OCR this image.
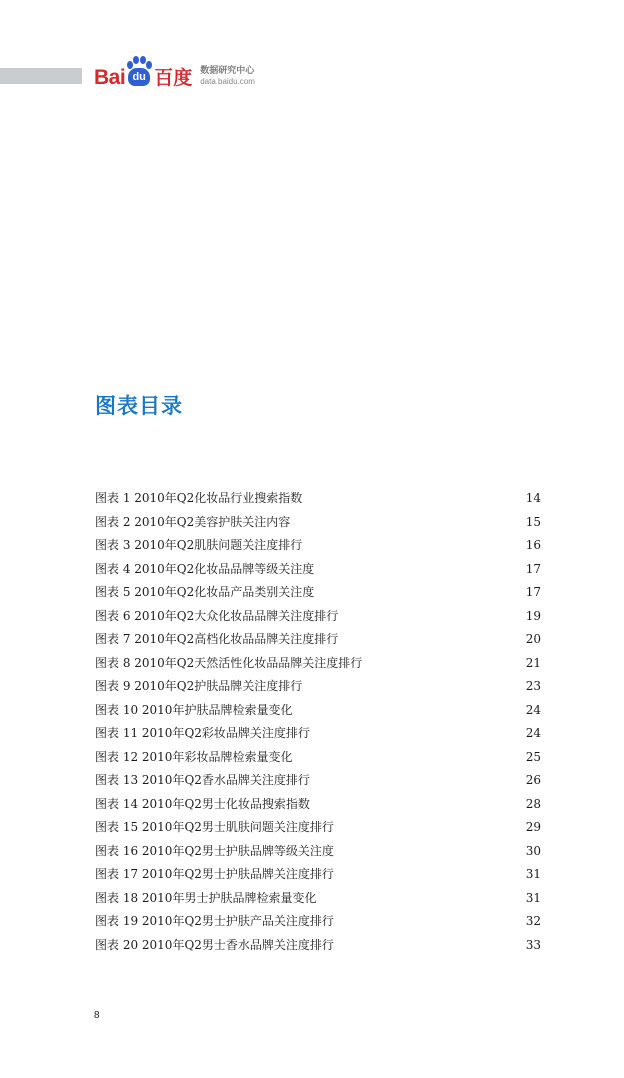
Bai du 百度 数据研究中心
data.baidu.com
图表目录
图表 1 2010年Q2化妆品行业搜索指数	14
图表 2 2010年Q2美容护肤关注内容	15
图表 3 2010年Q2肌肤问题关注度排行	16
图表 4 2010年Q2化妆品品牌等级关注度	17
图表 5 2010年Q2化妆品产品类别关注度	17
图表 6 2010年Q2大众化妆品品牌关注度排行	19
图表 7 2010年Q2高档化妆品品牌关注度排行	20
图表 8 2010年Q2天然活性化妆品品牌关注度排行	21
图表 9 2010年Q2护肤品牌关注度排行	23
图表 10 2010年护肤品牌检索量变化	24
图表 11 2010年Q2彩妆品牌关注度排行	24
图表 12 2010年彩妆品牌检索量变化	25
图表 13 2010年Q2香水品牌关注度排行	26
图表 14 2010年Q2男士化妆品搜索指数	28
图表 15 2010年Q2男士肌肤问题关注度排行	29
图表 16 2010年Q2男士护肤品牌等级关注度	30
图表 17 2010年Q2男士护肤品牌关注度排行	31
图表 18 2010年男士护肤品牌检索量变化	31
图表 19 2010年Q2男士护肤产品关注度排行	32
图表 20 2010年Q2男士香水品牌关注度排行	33
8
